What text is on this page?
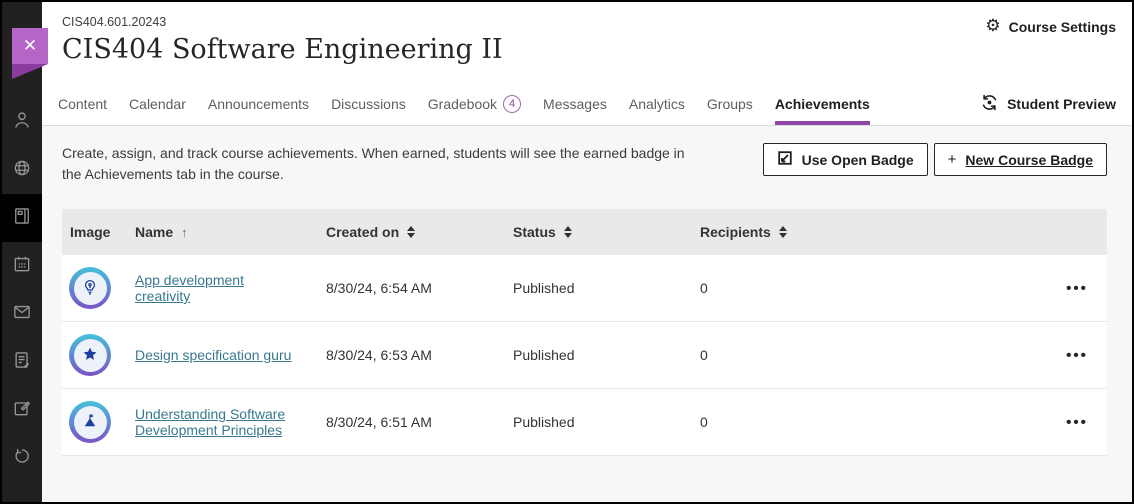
✕
CIS404.601.20243
CIS404 Software Engineering II
⚙ Course Settings
Content Calendar Announcements Discussions Gradebook	4	Messages Analytics Groups Achievements	Student Preview

Create, assign, and track course achievements. When earned, students will see the earned badge in the Achievements tab in the course.

Use Open Badge + New Course Badge
Image Name ↑	Created on	Status	Recipients
App development creativity	8/30/24, 6:54 AM	Published	0	•••
Design specification guru	8/30/24, 6:53 AM	Published	0	•••
Understanding Software Development Principles	8/30/24, 6:51 AM	Published	0	•••
